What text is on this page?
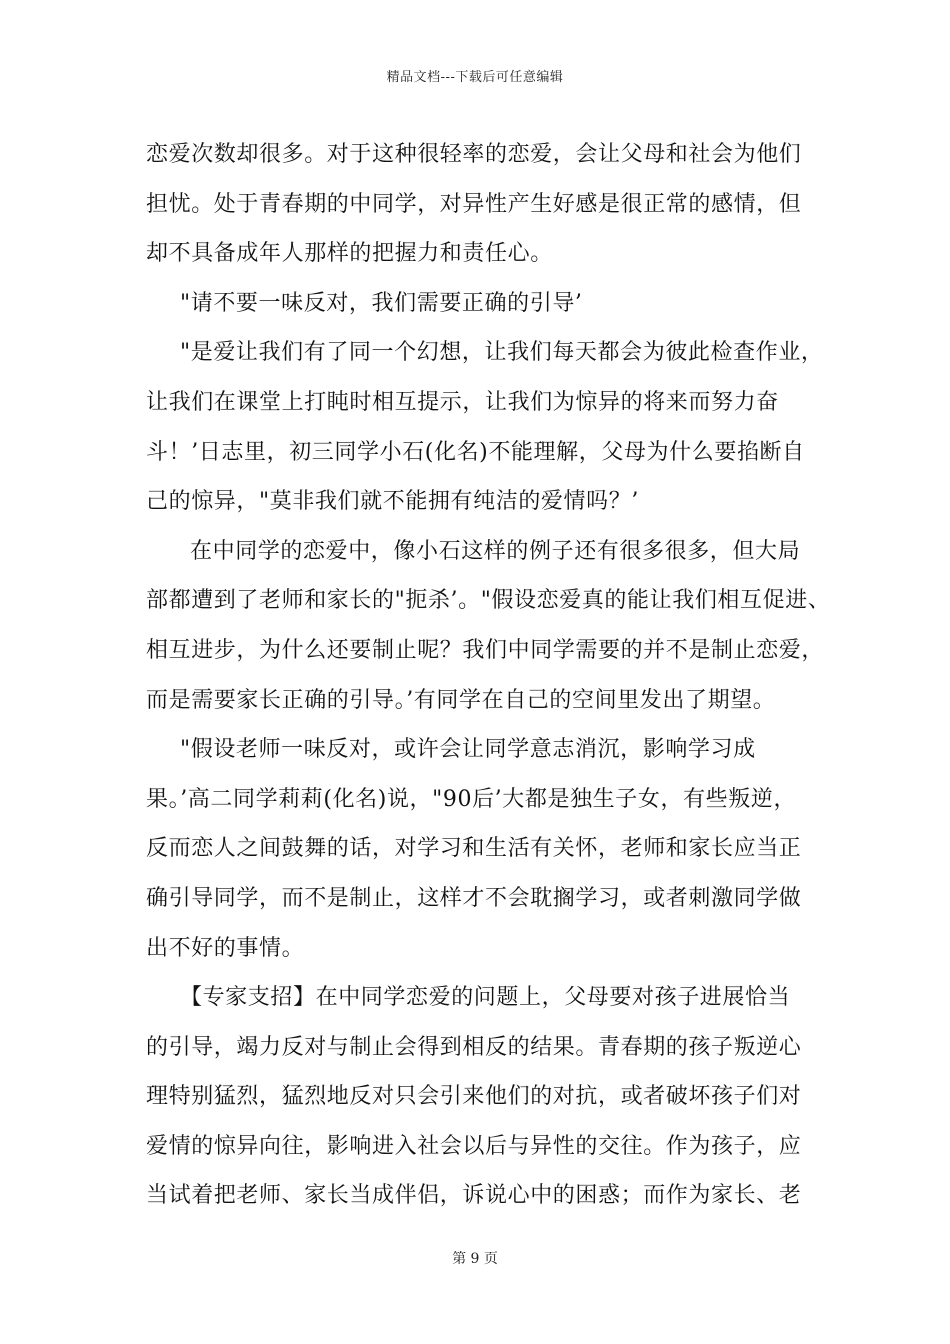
精品文档---下载后可任意编辑
恋爱次数却很多。对于这种很轻率的恋爱，会让父母和社会为他们
担忧。处于青春期的中同学，对异性产生好感是很正常的感情，但
却不具备成年人那样的把握力和责任心。
"请不要一味反对，我们需要正确的引导’
"是爱让我们有了同一个幻想，让我们每天都会为彼此检查作业，
让我们在课堂上打盹时相互提示，让我们为惊异的将来而努力奋
斗！’日志里，初三同学小石(化名)不能理解，父母为什么要掐断自
己的惊异，"莫非我们就不能拥有纯洁的爱情吗？’
在中同学的恋爱中，像小石这样的例子还有很多很多，但大局
部都遭到了老师和家长的"扼杀’。"假设恋爱真的能让我们相互促进、
相互进步，为什么还要制止呢？我们中同学需要的并不是制止恋爱，
而是需要家长正确的引导。’有同学在自己的空间里发出了期望。
"假设老师一味反对，或许会让同学意志消沉，影响学习成
果。’高二同学莉莉(化名)说，"90后’大都是独生子女，有些叛逆，
反而恋人之间鼓舞的话，对学习和生活有关怀，老师和家长应当正
确引导同学，而不是制止，这样才不会耽搁学习，或者刺激同学做
出不好的事情。
【专家支招】在中同学恋爱的问题上，父母要对孩子进展恰当
的引导，竭力反对与制止会得到相反的结果。青春期的孩子叛逆心
理特别猛烈，猛烈地反对只会引来他们的对抗，或者破坏孩子们对
爱情的惊异向往，影响进入社会以后与异性的交往。作为孩子，应
当试着把老师、家长当成伴侣，诉说心中的困惑；而作为家长、老
第 9 页
